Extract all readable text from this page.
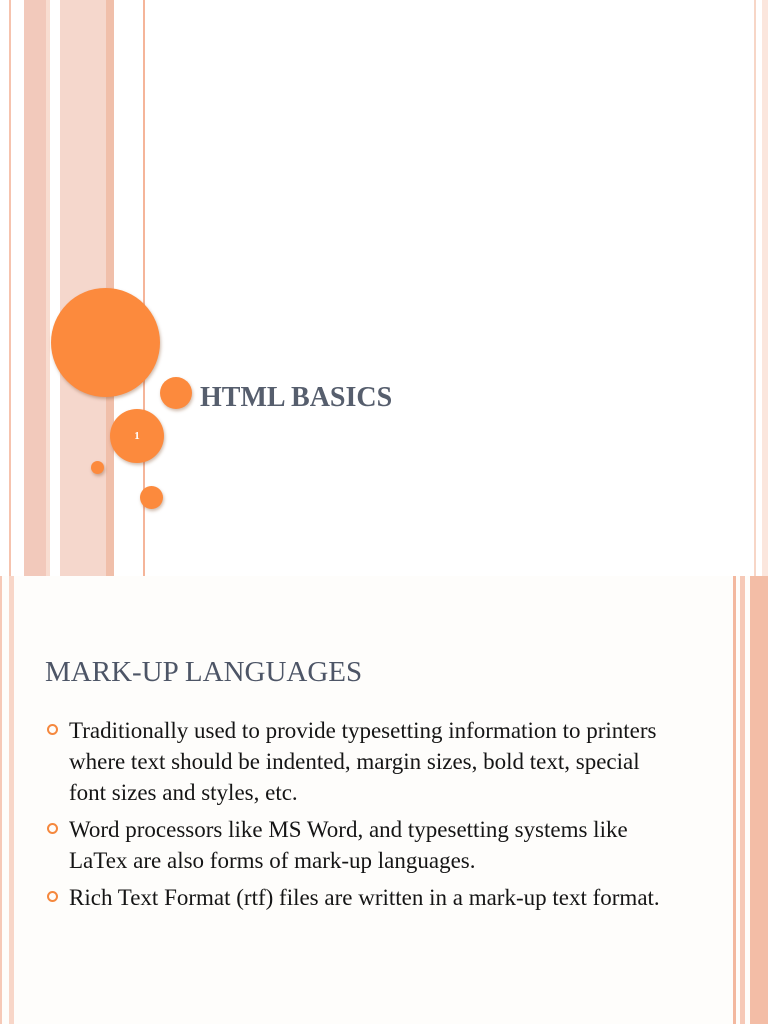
1
HTML BASICS
MARK-UP LANGUAGES
Traditionally used to provide typesetting information to printers where text should be indented, margin sizes, bold text, special font sizes and styles, etc.
Word processors like MS Word, and typesetting systems like LaTex are also forms of mark-up languages.
Rich Text Format (rtf) files are written in a mark-up text format.
